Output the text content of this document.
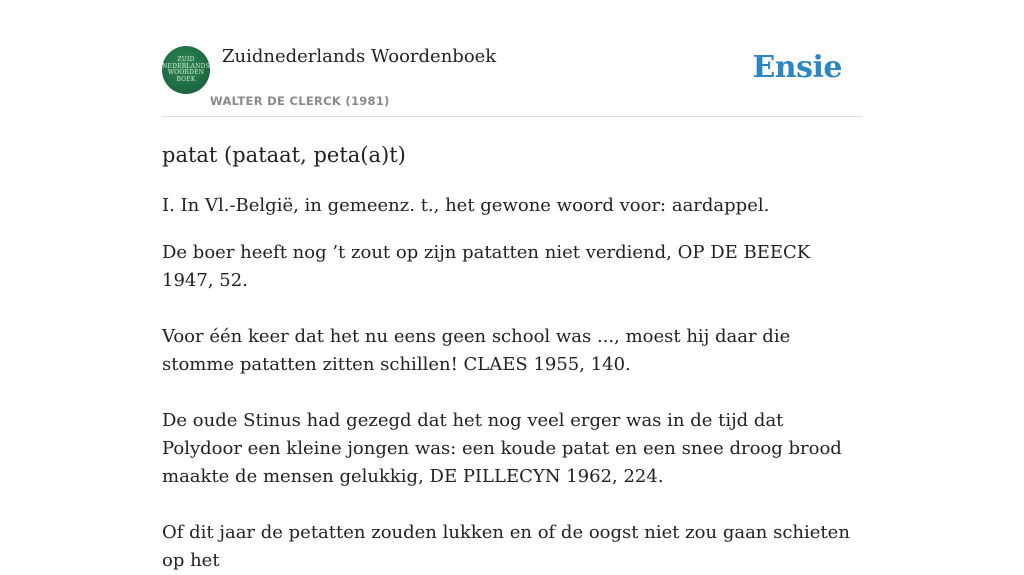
ZUID
NEDERLANDS
WOORDEN
BOEK
Zuidnederlands Woordenboek
WALTER DE CLERCK (1981)
Ensie
patat (pataat, peta(a)t)

I. In Vl.-België, in gemeenz. t., het gewone woord voor: aardappel.

De boer heeft nog ’t zout op zijn patatten niet verdiend, OP DE BEECK 1947, 52.

Voor één keer dat het nu eens geen school was ..., moest hij daar die stomme patatten zitten schillen! CLAES 1955, 140.

De oude Stinus had gezegd dat het nog veel erger was in de tijd dat Polydoor een kleine jongen was: een koude patat en een snee droog brood maakte de mensen gelukkig, DE PILLECYN 1962, 224.

Of dit jaar de petatten zouden lukken en of de oogst niet zou gaan schieten op het
